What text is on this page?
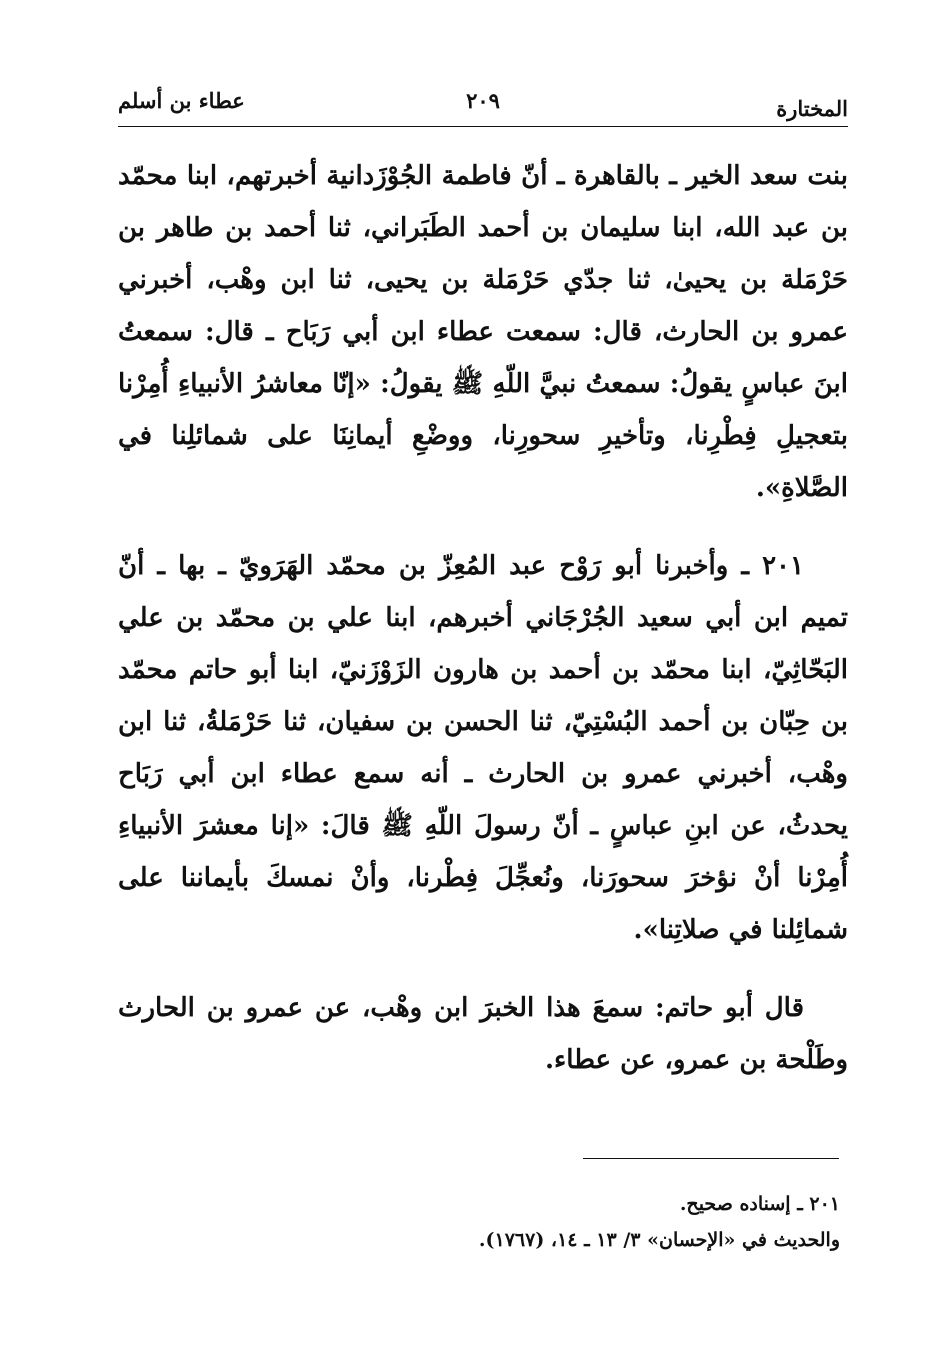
المختارة
٢٠٩
عطاء بن أسلم

بنت سعد الخير ـ بالقاهرة ـ أنّ فاطمة الجُوْزَدانية أخبرتهم، ابنا محمّد بن عبد الله، ابنا سليمان بن أحمد الطَبَراني، ثنا أحمد بن طاهر بن حَرْمَلة بن يحيىٰ، ثنا جدّي حَرْمَلة بن يحيى، ثنا ابن وهْب، أخبرني عمرو بن الحارث، قال: سمعت عطاء ابن أبي رَبَاح ـ قال: سمعتُ ابنَ عباسٍ يقولُ: سمعتُ نبيَّ اللّهِ ﷺ يقولُ: «إنّا معاشرُ الأنبياءِ أُمِرْنا بتعجيلِ فِطْرِنا، وتأخيرِ سحورِنا، ووضْعِ أيمانِنَا على شمائلِنا في الصَّلاةِ».

٢٠١ ـ وأخبرنا أبو رَوْح عبد المُعِزّ بن محمّد الهَرَويّ ـ بها ـ أنّ تميم ابن أبي سعيد الجُرْجَاني أخبرهم، ابنا علي بن محمّد بن علي البَحّاثِيّ، ابنا محمّد بن أحمد بن هارون الزَوْزَنيّ، ابنا أبو حاتم محمّد بن حِبّان بن أحمد البُسْتِيّ، ثنا الحسن بن سفيان، ثنا حَرْمَلةُ، ثنا ابن وهْب، أخبرني عمرو بن الحارث ـ أنه سمع عطاء ابن أبي رَبَاح يحدثُ، عن ابنِ عباسٍ ـ أنّ رسولَ اللّهِ ﷺ قالَ: «إنا معشرَ الأنبياءِ أُمِرْنا أنْ نؤخرَ سحورَنا، ونُعجِّلَ فِطْرنا، وأنْ نمسكَ بأيماننا على شمائِلنا في صلاتِنا».

قال أبو حاتم: سمعَ هذا الخبرَ ابن وهْب، عن عمرو بن الحارث وطَلْحة بن عمرو، عن عطاء.

٢٠١ ـ إسناده صحيح.
والحديث في «الإحسان» ٣/ ١٣ ـ ١٤، (١٧٦٧).
